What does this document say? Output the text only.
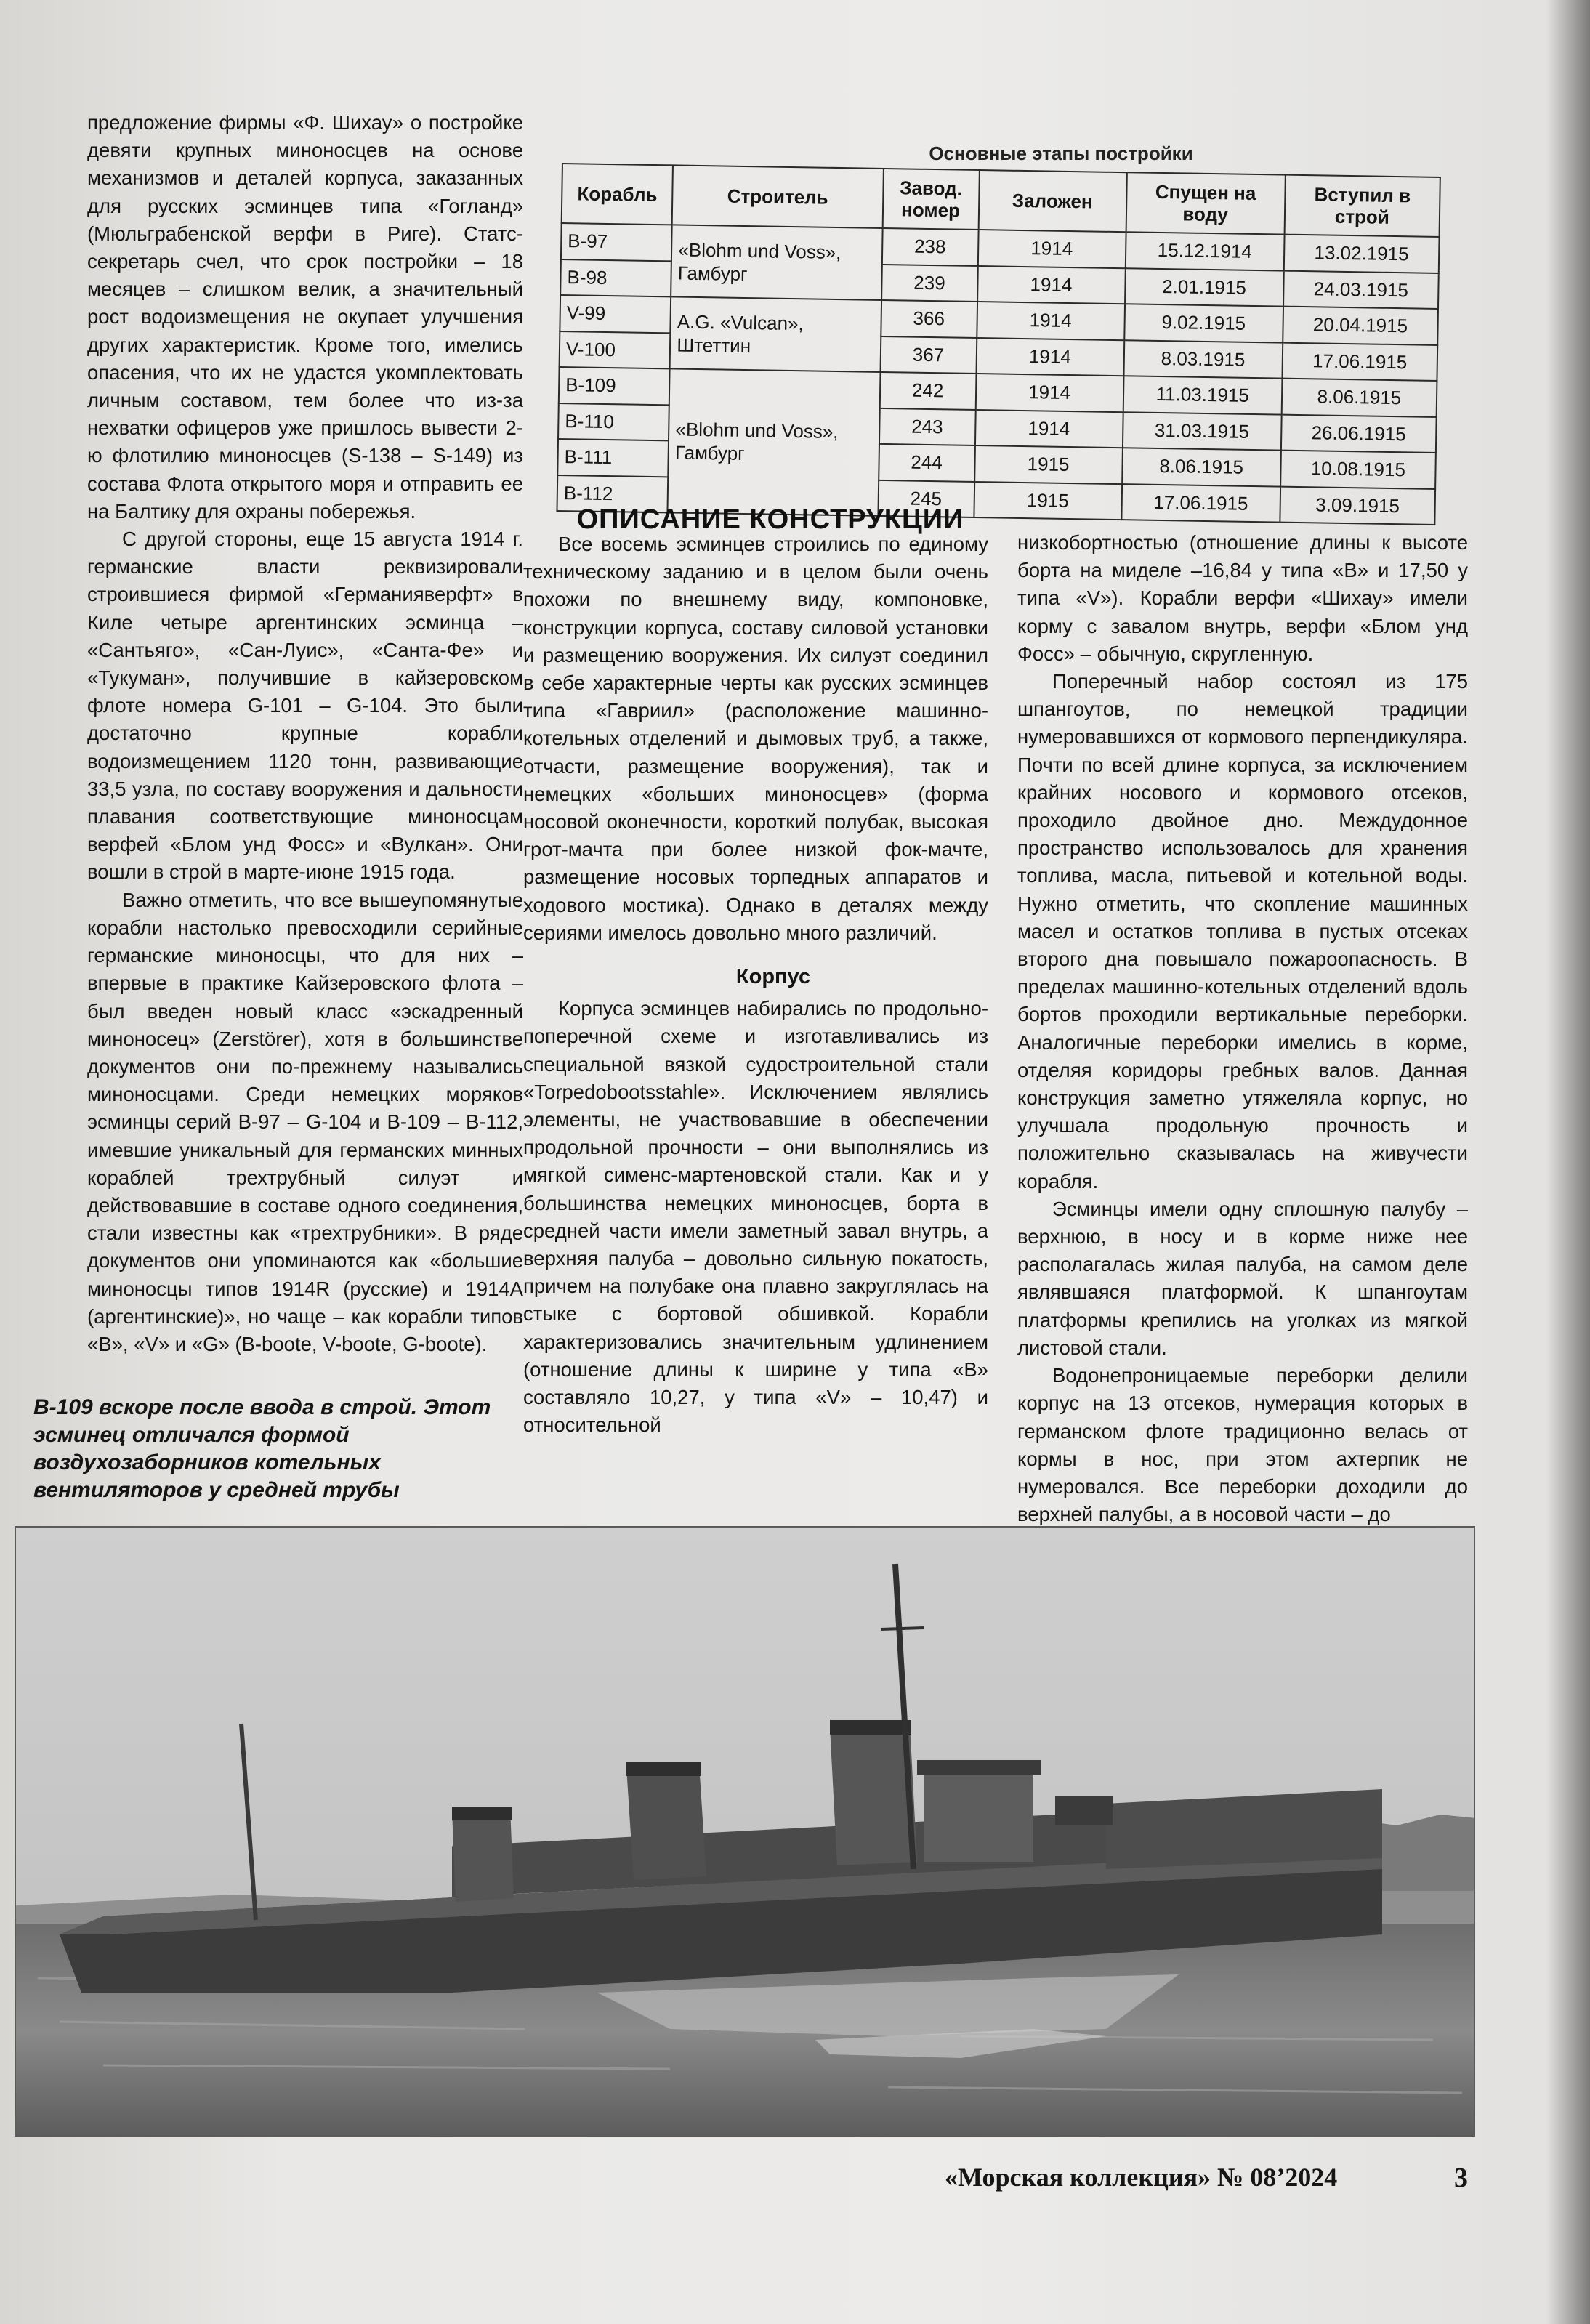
предложение фирмы «Ф. Шихау» о постройке девяти крупных миноносцев на основе механизмов и деталей корпуса, заказанных для русских эсминцев типа «Гогланд» (Мюльграбенской верфи в Риге). Статс-секретарь счел, что срок постройки – 18 месяцев – слишком велик, а значительный рост водоизмещения не окупает улучшения других характеристик. Кроме того, имелись опасения, что их не удастся укомплектовать личным составом, тем более что из-за нехватки офицеров уже пришлось вывести 2-ю флотилию миноносцев (S-138 – S-149) из состава Флота открытого моря и отправить ее на Балтику для охраны побережья.

С другой стороны, еще 15 августа 1914 г. германские власти реквизировали строившиеся фирмой «Германияверфт» в Киле четыре аргентинских эсминца – «Сантьяго», «Сан-Луис», «Санта-Фе» и «Тукуман», получившие в кайзеровском флоте номера G-101 – G-104. Это были достаточно крупные корабли водоизмещением 1120 тонн, развивающие 33,5 узла, по составу вооружения и дальности плавания соответствующие миноносцам верфей «Блом унд Фосс» и «Вулкан». Они вошли в строй в марте-июне 1915 года.

Важно отметить, что все вышеупомянутые корабли настолько превосходили серийные германские миноносцы, что для них – впервые в практике Кайзеровского флота – был введен новый класс «эскадренный миноносец» (Zerstörer), хотя в большинстве документов они по-прежнему назывались миноносцами. Среди немецких моряков эсминцы серий B-97 – G-104 и B-109 – B-112, имевшие уникальный для германских минных кораблей трехтрубный силуэт и действовавшие в составе одного соединения, стали известны как «трехтрубники». В ряде документов они упоминаются как «большие миноносцы типов 1914R (русские) и 1914A (аргентинские)», но чаще – как корабли типов «B», «V» и «G» (B-boote, V-boote, G-boote).

B-109 вскоре после ввода в строй. Этот эсминец отличался формой воздухозаборников котельных вентиляторов у средней трубы
Основные этапы постройки
Корабль	Строитель	Завод. номер	Заложен	Спущен на воду	Вступил в строй
B-97	«Blohm und Voss», Гамбург	238	1914	15.12.1914	13.02.1915
B-98		239	1914	2.01.1915	24.03.1915
V-99	A.G. «Vulcan», Штеттин	366	1914	9.02.1915	20.04.1915
V-100		367	1914	8.03.1915	17.06.1915
B-109	«Blohm und Voss», Гамбург	242	1914	11.03.1915	8.06.1915
B-110		243	1914	31.03.1915	26.06.1915
B-111		244	1915	8.06.1915	10.08.1915
B-112		245	1915	17.06.1915	3.09.1915
ОПИСАНИЕ КОНСТРУКЦИИ

Все восемь эсминцев строились по единому техническому заданию и в целом были очень похожи по внешнему виду, компоновке, конструкции корпуса, составу силовой установки и размещению вооружения. Их силуэт соединил в себе характерные черты как русских эсминцев типа «Гавриил» (расположение машинно-котельных отделений и дымовых труб, а также, отчасти, размещение вооружения), так и немецких «больших миноносцев» (форма носовой оконечности, короткий полубак, высокая грот-мачта при более низкой фок-мачте, размещение носовых торпедных аппаратов и ходового мостика). Однако в деталях между сериями имелось довольно много различий.

Корпус

Корпуса эсминцев набирались по продольно-поперечной схеме и изготавливались из специальной вязкой судостроительной стали «Torpedobootsstahle». Исключением являлись элементы, не участвовавшие в обеспечении продольной прочности – они выполнялись из мягкой сименс-мартеновской стали. Как и у большинства немецких миноносцев, борта в средней части имели заметный завал внутрь, а верхняя палуба – довольно сильную покатость, причем на полубаке она плавно закруглялась на стыке с бортовой обшивкой. Корабли характеризовались значительным удлинением (отношение длины к ширине у типа «B» составляло 10,27, у типа «V» – 10,47) и относительной

низкобортностью (отношение длины к высоте борта на миделе –16,84 у типа «B» и 17,50 у типа «V»). Корабли верфи «Шихау» имели корму с завалом внутрь, верфи «Блом унд Фосс» – обычную, скругленную.

Поперечный набор состоял из 175 шпангоутов, по немецкой традиции нумеровавшихся от кормового перпендикуляра. Почти по всей длине корпуса, за исключением крайних носового и кормового отсеков, проходило двойное дно. Междудонное пространство использовалось для хранения топлива, масла, питьевой и котельной воды. Нужно отметить, что скопление машинных масел и остатков топлива в пустых отсеках второго дна повышало пожароопасность. В пределах машинно-котельных отделений вдоль бортов проходили вертикальные переборки. Аналогичные переборки имелись в корме, отделяя коридоры гребных валов. Данная конструкция заметно утяжеляла корпус, но улучшала продольную прочность и положительно сказывалась на живучести корабля.

Эсминцы имели одну сплошную палубу – верхнюю, в носу и в корме ниже нее располагалась жилая палуба, на самом деле являвшаяся платформой. К шпангоутам платформы крепились на уголках из мягкой листовой стали.

Водонепроницаемые переборки делили корпус на 13 отсеков, нумерация которых в германском флоте традиционно велась от кормы в нос, при этом ахтерпик не нумеровался. Все переборки доходили до верхней палубы, а в носовой части – до

«Морская коллекция» № 08’2024	3
